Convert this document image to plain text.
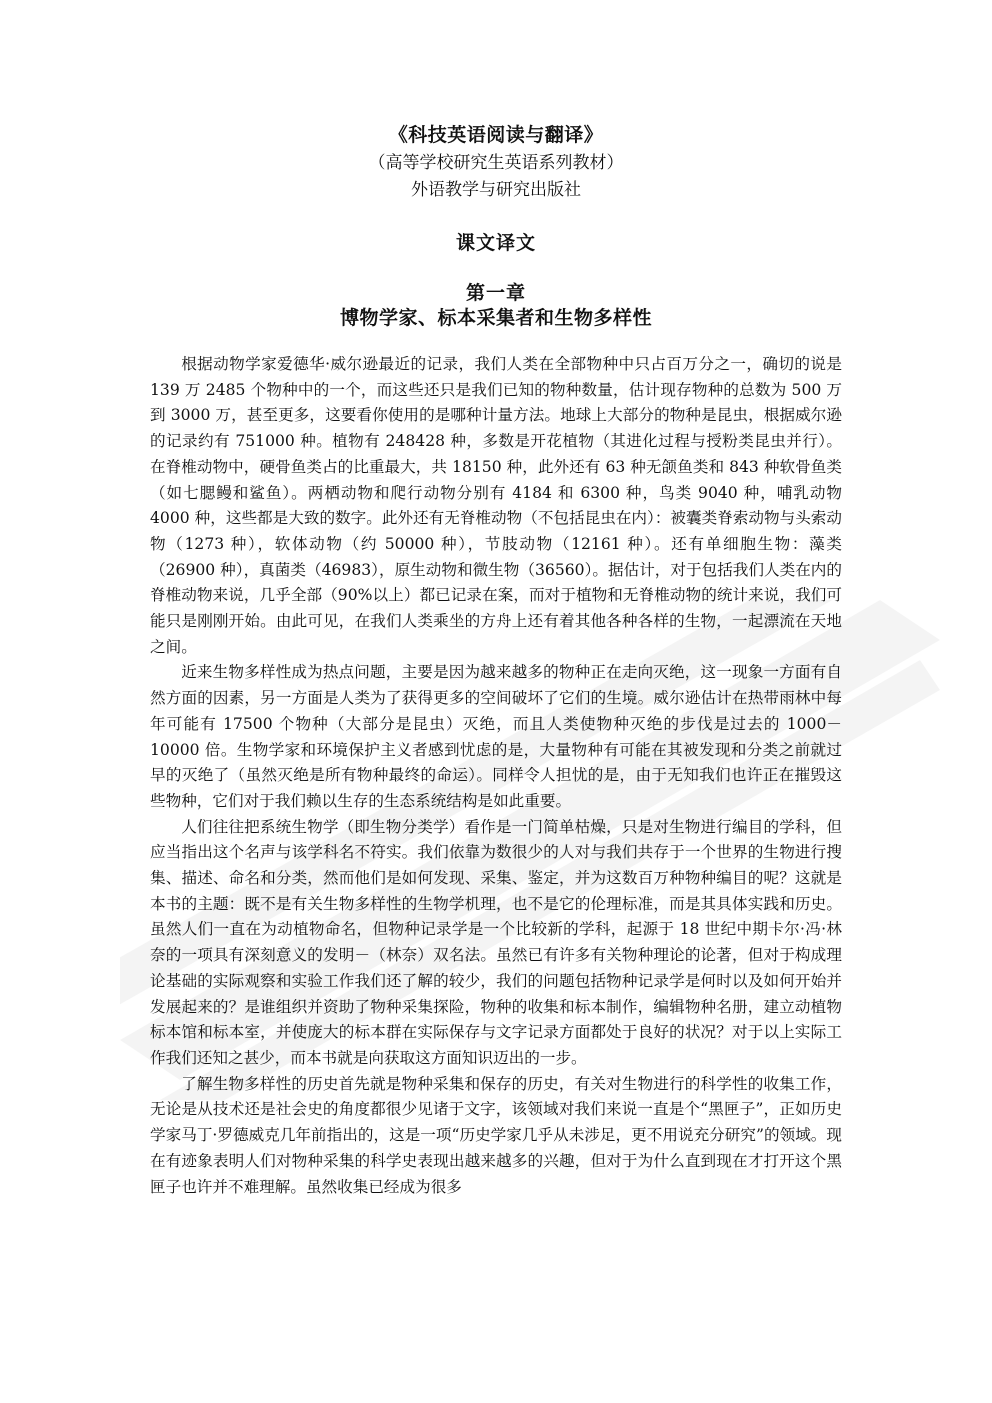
《科技英语阅读与翻译》
（高等学校研究生英语系列教材）
外语教学与研究出版社
课文译文
第一章
博物学家、标本采集者和生物多样性

根据动物学家爱德华·威尔逊最近的记录，我们人类在全部物种中只占百万分之一，确切的说是 139 万 2485 个物种中的一个，而这些还只是我们已知的物种数量，估计现存物种的总数为 500 万到 3000 万，甚至更多，这要看你使用的是哪种计量方法。地球上大部分的物种是昆虫，根据威尔逊的记录约有 751000 种。植物有 248428 种，多数是开花植物（其进化过程与授粉类昆虫并行）。在脊椎动物中，硬骨鱼类占的比重最大，共 18150 种，此外还有 63 种无颌鱼类和 843 种软骨鱼类（如七腮鳗和鲨鱼）。两栖动物和爬行动物分别有 4184 和 6300 种，鸟类 9040 种，哺乳动物 4000 种，这些都是大致的数字。此外还有无脊椎动物（不包括昆虫在内）：被囊类脊索动物与头索动物（1273 种），软体动物（约 50000 种），节肢动物（12161 种）。还有单细胞生物：藻类（26900 种），真菌类（46983），原生动物和微生物（36560）。据估计，对于包括我们人类在内的脊椎动物来说，几乎全部（90%以上）都已记录在案，而对于植物和无脊椎动物的统计来说，我们可能只是刚刚开始。由此可见，在我们人类乘坐的方舟上还有着其他各种各样的生物，一起漂流在天地之间。

近来生物多样性成为热点问题，主要是因为越来越多的物种正在走向灭绝，这一现象一方面有自然方面的因素，另一方面是人类为了获得更多的空间破坏了它们的生境。威尔逊估计在热带雨林中每年可能有 17500 个物种（大部分是昆虫）灭绝，而且人类使物种灭绝的步伐是过去的 1000－10000 倍。生物学家和环境保护主义者感到忧虑的是，大量物种有可能在其被发现和分类之前就过早的灭绝了（虽然灭绝是所有物种最终的命运）。同样令人担忧的是，由于无知我们也许正在摧毁这些物种，它们对于我们赖以生存的生态系统结构是如此重要。

人们往往把系统生物学（即生物分类学）看作是一门简单枯燥，只是对生物进行编目的学科，但应当指出这个名声与该学科名不符实。我们依靠为数很少的人对与我们共存于一个世界的生物进行搜集、描述、命名和分类，然而他们是如何发现、采集、鉴定，并为这数百万种物种编目的呢？这就是本书的主题：既不是有关生物多样性的生物学机理，也不是它的伦理标准，而是其具体实践和历史。虽然人们一直在为动植物命名，但物种记录学是一个比较新的学科，起源于 18 世纪中期卡尔·冯·林奈的一项具有深刻意义的发明－（林奈）双名法。虽然已有许多有关物种理论的论著，但对于构成理论基础的实际观察和实验工作我们还了解的较少，我们的问题包括物种记录学是何时以及如何开始并发展起来的？是谁组织并资助了物种采集探险，物种的收集和标本制作，编辑物种名册，建立动植物标本馆和标本室，并使庞大的标本群在实际保存与文字记录方面都处于良好的状况？对于以上实际工作我们还知之甚少，而本书就是向获取这方面知识迈出的一步。

了解生物多样性的历史首先就是物种采集和保存的历史，有关对生物进行的科学性的收集工作，无论是从技术还是社会史的角度都很少见诸于文字，该领域对我们来说一直是个“黑匣子”，正如历史学家马丁·罗德威克几年前指出的，这是一项“历史学家几乎从未涉足，更不用说充分研究”的领域。现在有迹象表明人们对物种采集的科学史表现出越来越多的兴趣，但对于为什么直到现在才打开这个黑匣子也许并不难理解。虽然收集已经成为很多
